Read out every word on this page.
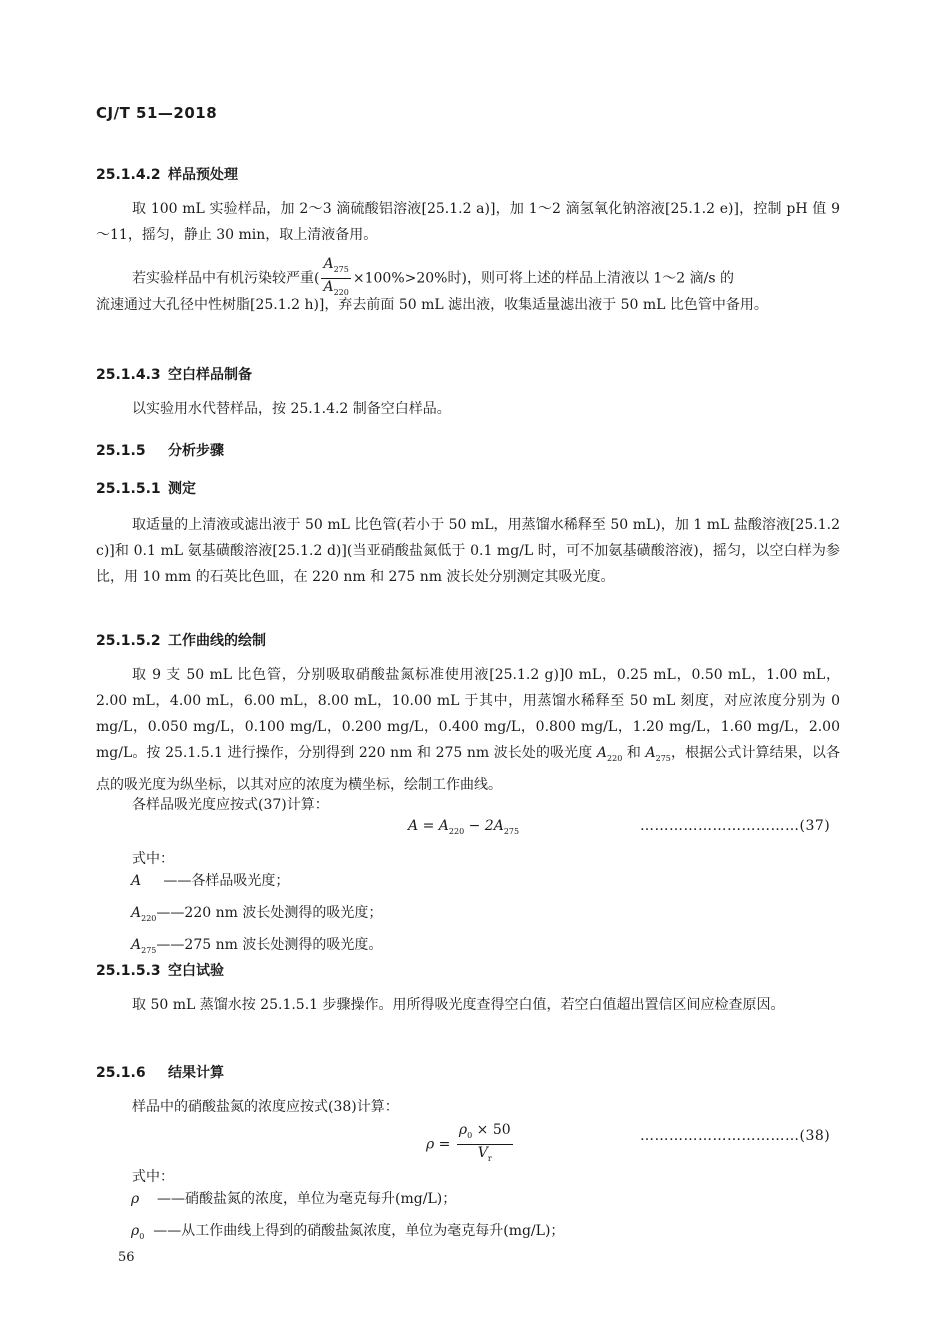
CJ/T 51—2018
25.1.4.2 样品预处理
取 100 mL 实验样品，加 2～3 滴硫酸铝溶液[25.1.2 a)]，加 1～2 滴氢氧化钠溶液[25.1.2 e)]，控制 pH 值 9～11，摇匀，静止 30 min，取上清液备用。
若实验样品中有机污染较严重( $\frac{A_{275}}{A_{220}} \times 100\%>20\%$时)，则可将上述的样品上清液以 1～2 滴/s 的
流速通过大孔径中性树脂[25.1.2 h)]，弃去前面 50 mL 滤出液，收集适量滤出液于 50 mL 比色管中备用。
25.1.4.3 空白样品制备
以实验用水代替样品，按 25.1.4.2 制备空白样品。
25.1.5 分析步骤
25.1.5.1 测定
取适量的上清液或滤出液于 50 mL 比色管(若小于 50 mL，用蒸馏水稀释至 50 mL)，加 1 mL 盐酸溶液[25.1.2 c)]和 0.1 mL 氨基磺酸溶液[25.1.2 d)](当亚硝酸盐氮低于 0.1 mg/L 时，可不加氨基磺酸溶液)，摇匀，以空白样为参比，用 10 mm 的石英比色皿，在 220 nm 和 275 nm 波长处分别测定其吸光度。
25.1.5.2 工作曲线的绘制
取 9 支 50 mL 比色管，分别吸取硝酸盐氮标准使用液[25.1.2 g)]0 mL，0.25 mL，0.50 mL，1.00 mL，2.00 mL，4.00 mL，6.00 mL，8.00 mL，10.00 mL 于其中，用蒸馏水稀释至 50 mL 刻度，对应浓度分别为 0 mg/L，0.050 mg/L，0.100 mg/L，0.200 mg/L，0.400 mg/L，0.800 mg/L，1.20 mg/L，1.60 mg/L，2.00 mg/L。按 25.1.5.1 进行操作，分别得到 220 nm 和 275 nm 波长处的吸光度 $A_{220}$ 和 $A_{275}$，根据公式计算结果，以各点的吸光度为纵坐标，以其对应的浓度为横坐标，绘制工作曲线。
各样品吸光度应按式(37)计算：
$A = A_{220} - 2A_{275}$	……………………………(37)
式中：
A ——各样品吸光度；
$A_{220}——220$ nm 波长处测得的吸光度；
$A_{275}——275$ nm 波长处测得的吸光度。
25.1.5.3 空白试验
取 50 mL 蒸馏水按 25.1.5.1 步骤操作。用所得吸光度查得空白值，若空白值超出置信区间应检查原因。
25.1.6 结果计算
样品中的硝酸盐氮的浓度应按式(38)计算：
$\rho = \frac{\rho_0 \times 50}{V_r}$	……………………………(38)
式中：
ρ ——硝酸盐氮的浓度，单位为毫克每升(mg/L)；
$\rho_0$ ——从工作曲线上得到的硝酸盐氮浓度，单位为毫克每升(mg/L)；
56
